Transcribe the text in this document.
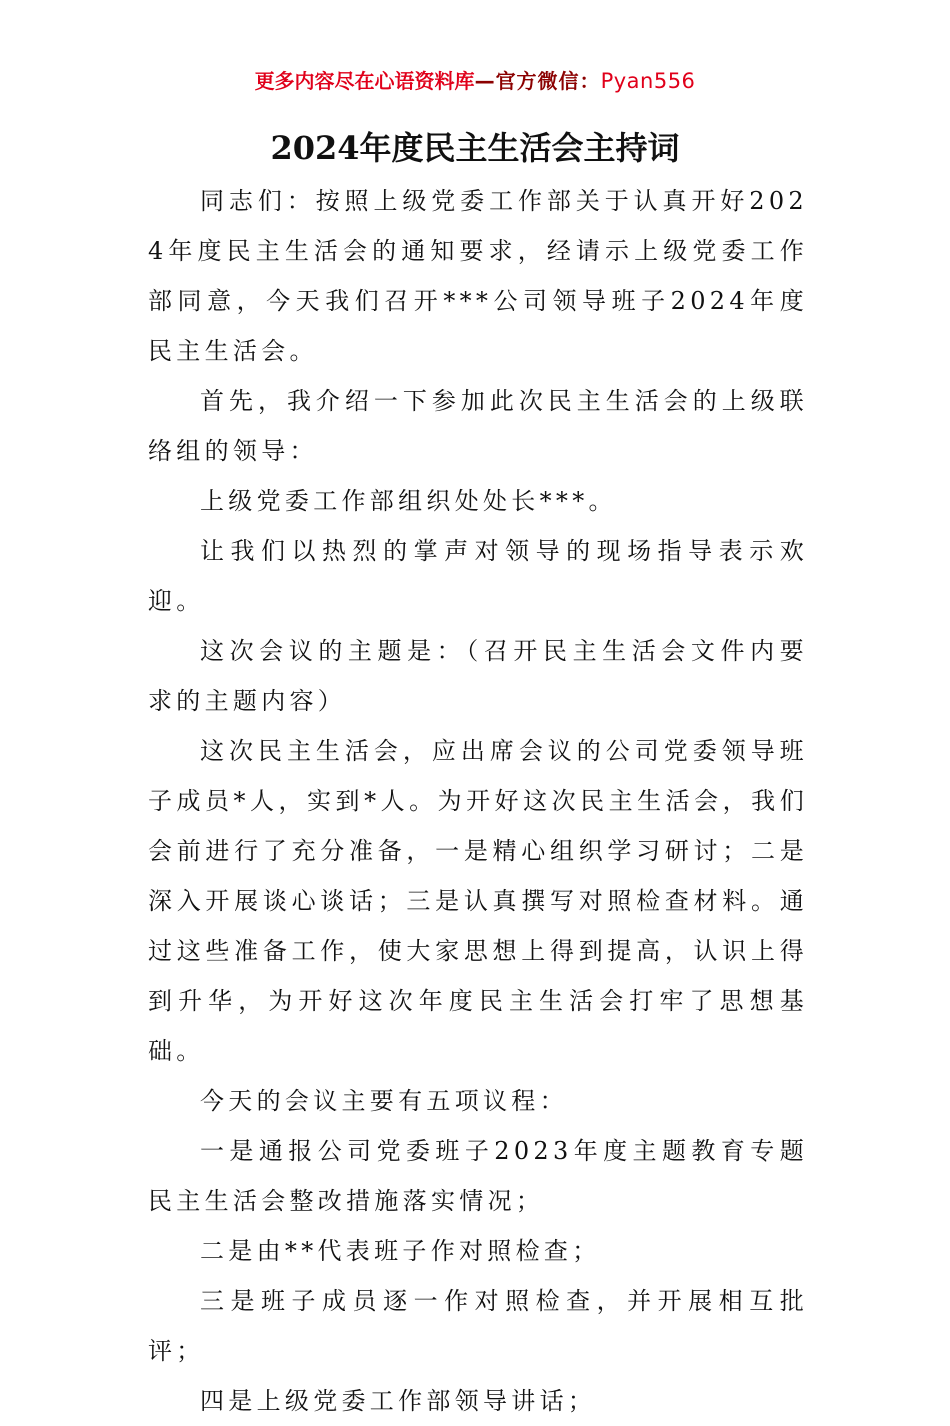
更多内容尽在心语资料库—官方微信：Pyan556
2024年度民主生活会主持词

同志们：按照上级党委工作部关于认真开好2024年度民主生活会的通知要求，经请示上级党委工作部同意，今天我们召开***公司领导班子2024年度民主生活会。

首先，我介绍一下参加此次民主生活会的上级联络组的领导：

上级党委工作部组织处处长***。

让我们以热烈的掌声对领导的现场指导表示欢迎。

这次会议的主题是：（召开民主生活会文件内要求的主题内容）

这次民主生活会，应出席会议的公司党委领导班子成员*人，实到*人。为开好这次民主生活会，我们会前进行了充分准备，一是精心组织学习研讨；二是深入开展谈心谈话；三是认真撰写对照检查材料。通过这些准备工作，使大家思想上得到提高，认识上得到升华，为开好这次年度民主生活会打牢了思想基础。

今天的会议主要有五项议程：

一是通报公司党委班子2023年度主题教育专题民主生活会整改措施落实情况；

二是由**代表班子作对照检查；

三是班子成员逐一作对照检查，并开展相互批评；

四是上级党委工作部领导讲话；
